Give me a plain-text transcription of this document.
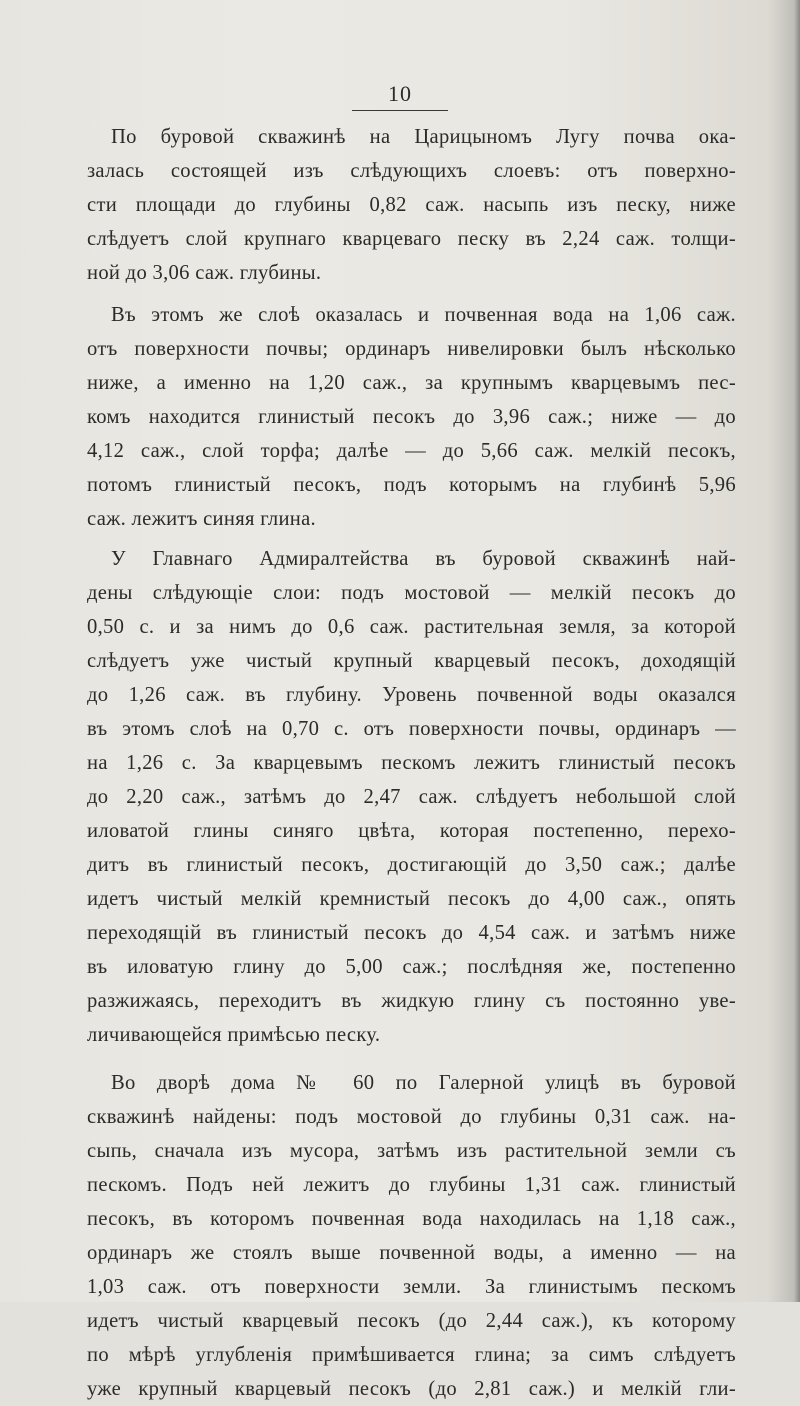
10

По буровой скважинѣ на Царицыномъ Лугу почва ока-
залась состоящей изъ слѣдующихъ слоевъ: отъ поверхно-
сти площади до глубины 0,82 саж. насыпь изъ песку, ниже
слѣдуетъ слой крупнаго кварцеваго песку въ 2,24 саж. толщи-
ной до 3,06 саж. глубины.

Въ этомъ же слоѣ оказалась и почвенная вода на 1,06 саж.
отъ поверхности почвы; ординаръ нивелировки былъ нѣсколько
ниже, а именно на 1,20 саж., за крупнымъ кварцевымъ пес-
комъ находится глинистый песокъ до 3,96 саж.; ниже — до
4,12 саж., слой торфа; далѣе — до 5,66 саж. мелкій песокъ,
потомъ глинистый песокъ, подъ которымъ на глубинѣ 5,96
саж. лежитъ синяя глина.

У Главнаго Адмиралтейства въ буровой скважинѣ най-
дены слѣдующіе слои: подъ мостовой — мелкій песокъ до
0,50 с. и за нимъ до 0,6 саж. растительная земля, за которой
слѣдуетъ уже чистый крупный кварцевый песокъ, доходящій
до 1,26 саж. въ глубину. Уровень почвенной воды оказался
въ этомъ слоѣ на 0,70 с. отъ поверхности почвы, ординаръ —
на 1,26 с. За кварцевымъ пескомъ лежитъ глинистый песокъ
до 2,20 саж., затѣмъ до 2,47 саж. слѣдуетъ небольшой слой
иловатой глины синяго цвѣта, которая постепенно, перехо-
дитъ въ глинистый песокъ, достигающій до 3,50 саж.; далѣе
идетъ чистый мелкій кремнистый песокъ до 4,00 саж., опять
переходящій въ глинистый песокъ до 4,54 саж. и затѣмъ ниже
въ иловатую глину до 5,00 саж.; послѣдняя же, постепенно
разжижаясь, переходитъ въ жидкую глину съ постоянно уве-
личивающейся примѣсью песку.

Во дворѣ дома № 60 по Галерной улицѣ въ буровой
скважинѣ найдены: подъ мостовой до глубины 0,31 саж. на-
сыпь, сначала изъ мусора, затѣмъ изъ растительной земли съ
пескомъ. Подъ ней лежитъ до глубины 1,31 саж. глинистый
песокъ, въ которомъ почвенная вода находилась на 1,18 саж.,
ординаръ же стоялъ выше почвенной воды, а именно — на
1,03 саж. отъ поверхности земли. За глинистымъ пескомъ
идетъ чистый кварцевый песокъ (до 2,44 саж.), къ которому
по мѣрѣ углубленія примѣшивается глина; за симъ слѣдуетъ
уже крупный кварцевый песокъ (до 2,81 саж.) и мелкій гли-
